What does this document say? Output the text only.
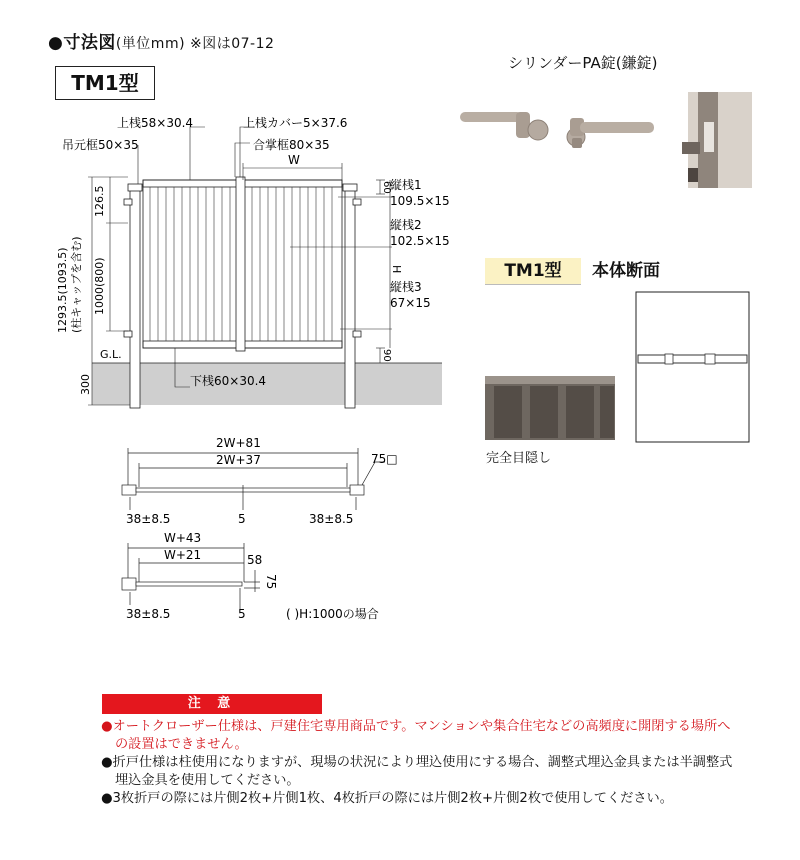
●寸法図(単位mm) ※図は07-12
TM1型
シリンダーPA錠(鎌錠)
上桟58×30.4	上桟カバー5×37.6
吊元框50×35	合掌框80×35
W
縦桟1
109.5×15
縦桟2
102.5×15
縦桟3
67×15
下桟60×30.4
G.L.
H
60
90
126.5
1000(800)
300
1293.5(1093.5) (柱キャップを含む)
2W+81
2W+37	75□
38±8.5	5	38±8.5
W+43
W+21	58
75
38±8.5	5	( )H:1000の場合
TM1型	本体断面
完全目隠し
注 意

●オートクローザー仕様は、戸建住宅専用商品です。マンションや集合住宅などの高頻度に開閉する場所への設置はできません。

●折戸仕様は柱使用になりますが、現場の状況により埋込使用にする場合、調整式埋込金具または半調整式埋込金具を使用してください。

●3枚折戸の際には片側2枚+片側1枚、4枚折戸の際には片側2枚+片側2枚で使用してください。
